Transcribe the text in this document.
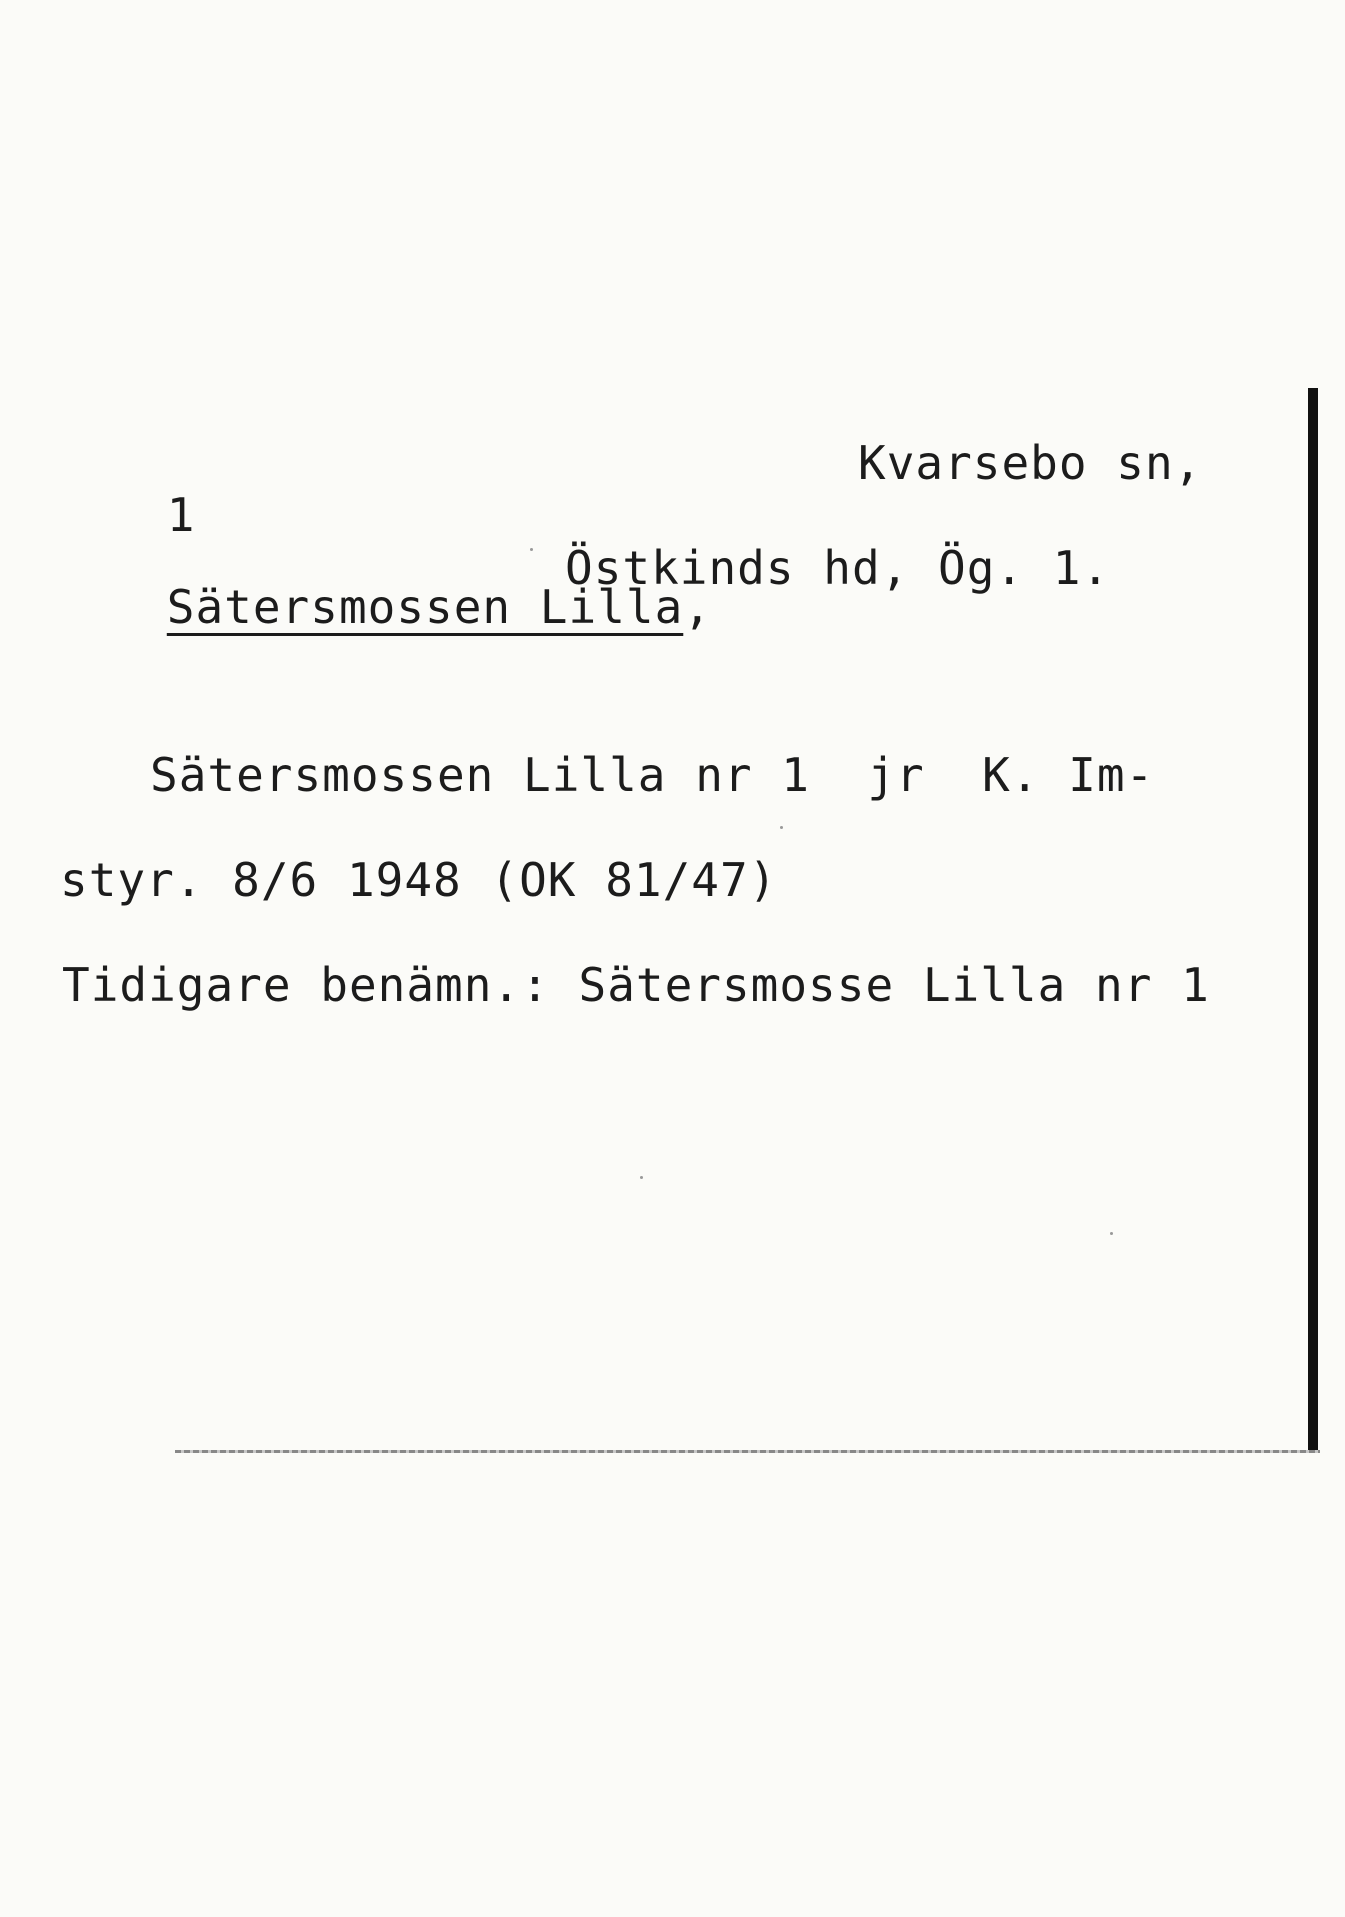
1

Sätersmossen Lilla,

Kvarsebo sn,
Östkinds hd, Ög. 1.
Sätersmossen Lilla nr 1  jr  K. Im-
styr. 8/6 1948 (OK 81/47)
Tidigare benämn.: Sätersmosse Lilla nr 1
